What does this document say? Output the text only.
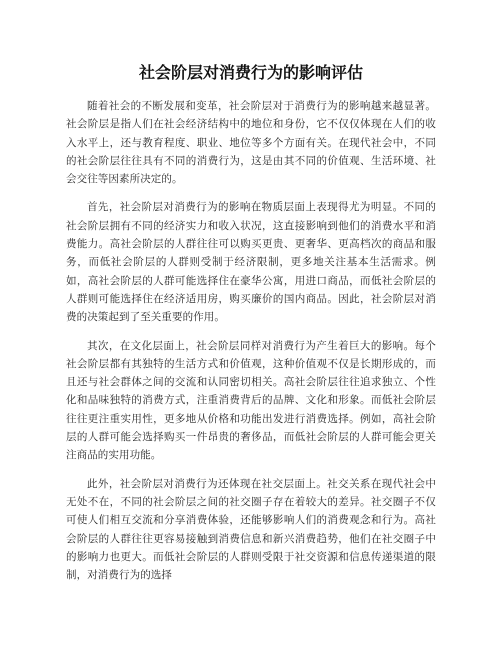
社会阶层对消费行为的影响评估

随着社会的不断发展和变革，社会阶层对于消费行为的影响越来越显著。社会阶层是指人们在社会经济结构中的地位和身份，它不仅仅体现在人们的收入水平上，还与教育程度、职业、地位等多个方面有关。在现代社会中，不同的社会阶层往往具有不同的消费行为，这是由其不同的价值观、生活环境、社会交往等因素所决定的。

首先，社会阶层对消费行为的影响在物质层面上表现得尤为明显。不同的社会阶层拥有不同的经济实力和收入状况，这直接影响到他们的消费水平和消费能力。高社会阶层的人群往往可以购买更贵、更奢华、更高档次的商品和服务，而低社会阶层的人群则受制于经济限制，更多地关注基本生活需求。例如，高社会阶层的人群可能选择住在豪华公寓，用进口商品，而低社会阶层的人群则可能选择住在经济适用房，购买廉价的国内商品。因此，社会阶层对消费的决策起到了至关重要的作用。

其次，在文化层面上，社会阶层同样对消费行为产生着巨大的影响。每个社会阶层都有其独特的生活方式和价值观，这种价值观不仅是长期形成的，而且还与社会群体之间的交流和认同密切相关。高社会阶层往往追求独立、个性化和品味独特的消费方式，注重消费背后的品牌、文化和形象。而低社会阶层往往更注重实用性，更多地从价格和功能出发进行消费选择。例如，高社会阶层的人群可能会选择购买一件昂贵的奢侈品，而低社会阶层的人群可能会更关注商品的实用功能。

此外，社会阶层对消费行为还体现在社交层面上。社交关系在现代社会中无处不在，不同的社会阶层之间的社交圈子存在着较大的差异。社交圈子不仅可使人们相互交流和分享消费体验，还能够影响人们的消费观念和行为。高社会阶层的人群往往更容易接触到消费信息和新兴消费趋势，他们在社交圈子中的影响力也更大。而低社会阶层的人群则受限于社交资源和信息传递渠道的限制，对消费行为的选择
